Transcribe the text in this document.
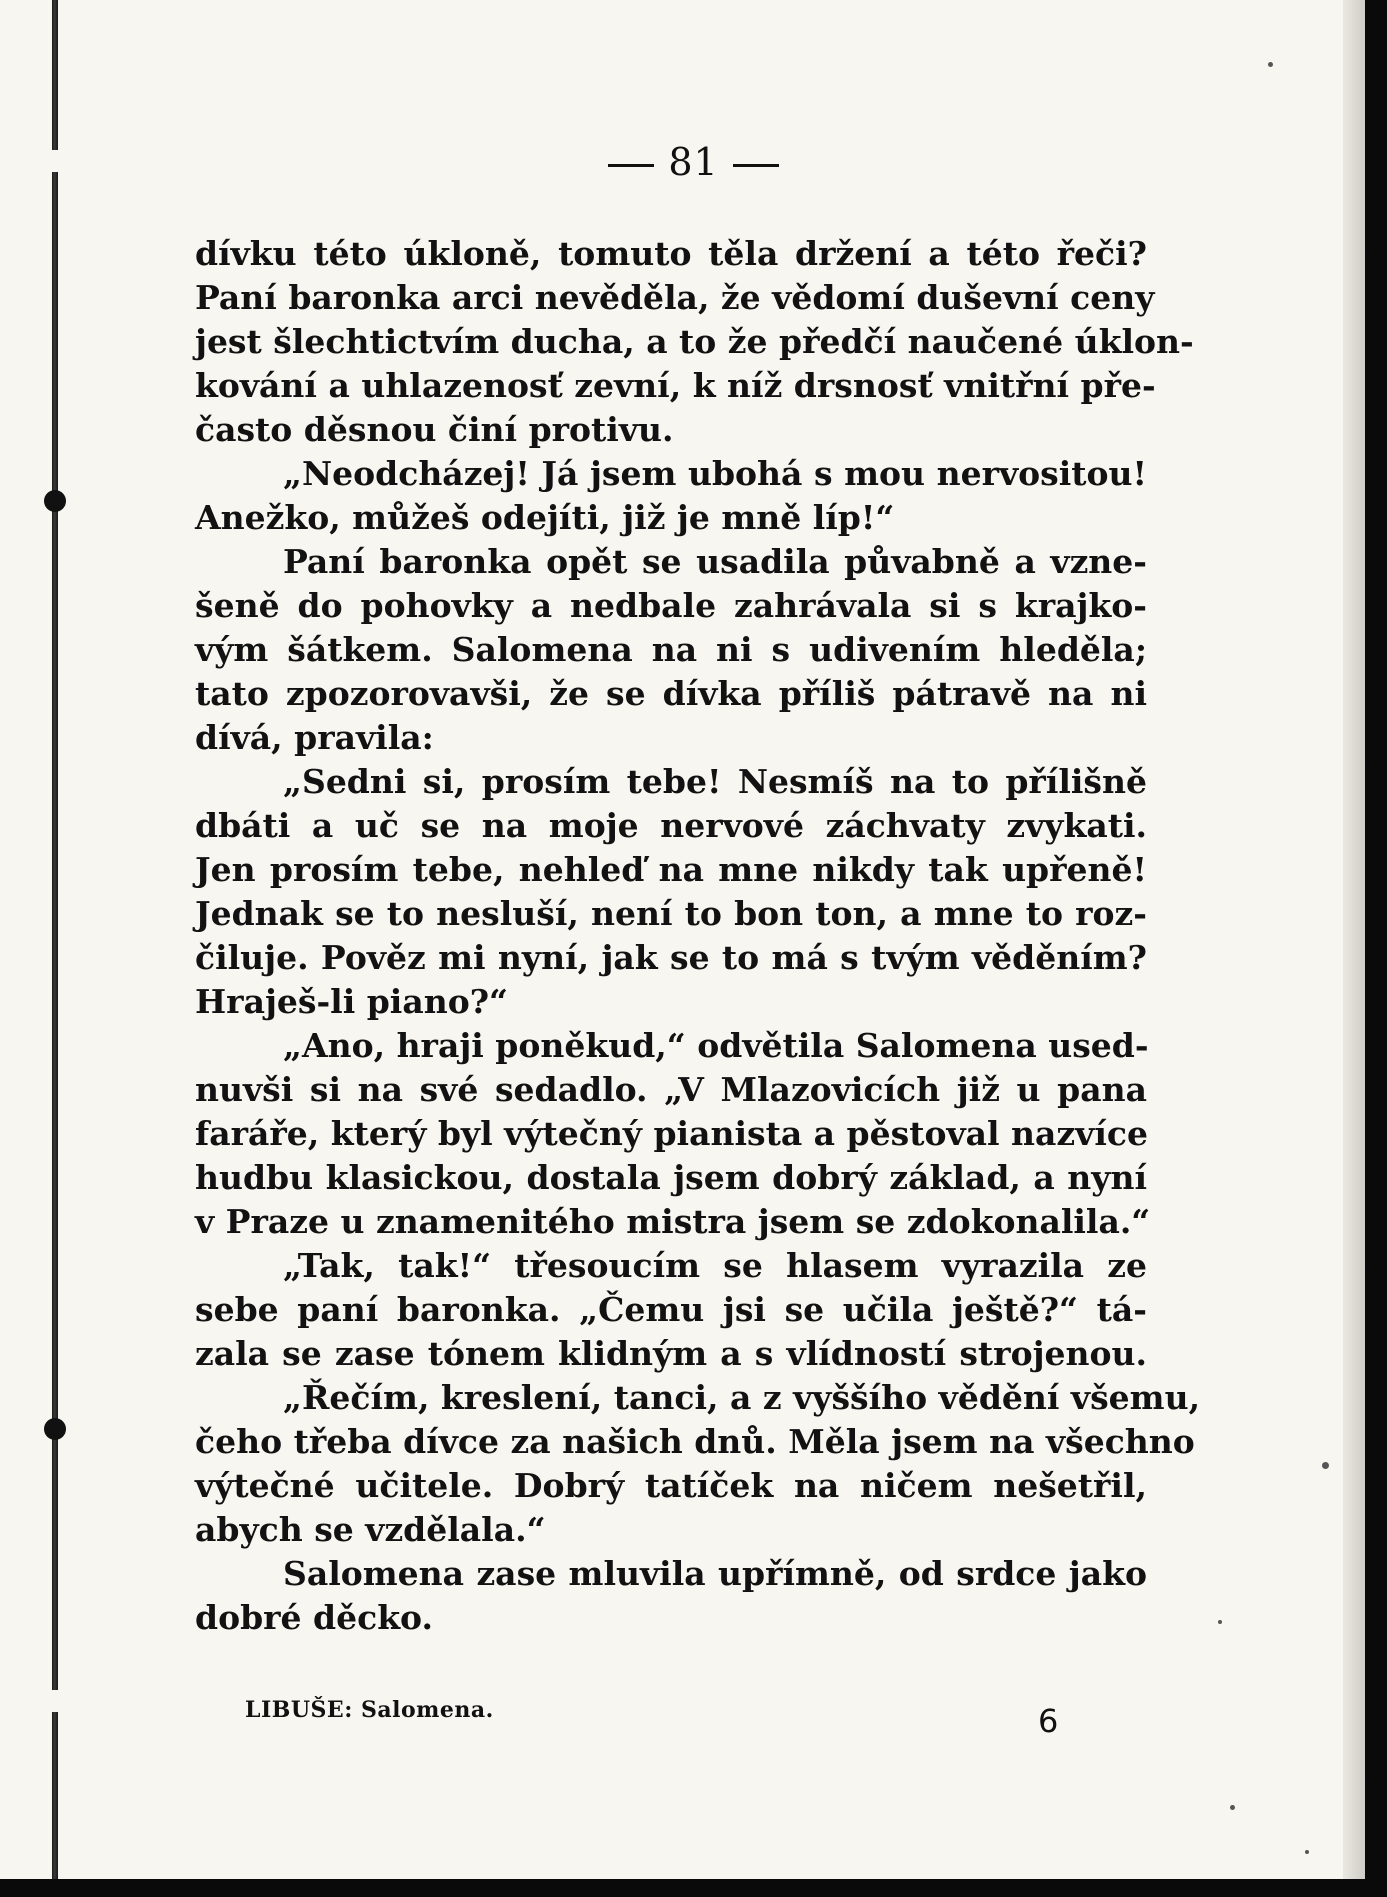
81
dívku této úkloně, tomuto těla držení a této řeči?
Paní baronka arci nevěděla, že vědomí duševní ceny
jest šlechtictvím ducha, a to že předčí naučené úklon-
kování a uhlazenosť zevní, k níž drsnosť vnitřní pře-
často děsnou činí protivu.
„Neodcházej! Já jsem ubohá s mou nervositou!
Anežko, můžeš odejíti, již je mně líp!“
Paní baronka opět se usadila půvabně a vzne-
šeně do pohovky a nedbale zahrávala si s krajko-
vým šátkem. Salomena na ni s udivením hleděla;
tato zpozorovavši, že se dívka příliš pátravě na ni
dívá, pravila:
„Sedni si, prosím tebe! Nesmíš na to přílišně
dbáti a uč se na moje nervové záchvaty zvykati.
Jen prosím tebe, nehleď na mne nikdy tak upřeně!
Jednak se to nesluší, není to bon ton, a mne to roz-
čiluje. Pověz mi nyní, jak se to má s tvým věděním?
Hraješ-li piano?“
„Ano, hraji poněkud,“ odvětila Salomena used-
nuvši si na své sedadlo. „V Mlazovicích již u pana
faráře, který byl výtečný pianista a pěstoval nazvíce
hudbu klasickou, dostala jsem dobrý základ, a nyní
v Praze u znamenitého mistra jsem se zdokonalila.“
„Tak, tak!“ třesoucím se hlasem vyrazila ze
sebe paní baronka. „Čemu jsi se učila ještě?“ tá-
zala se zase tónem klidným a s vlídností strojenou.
„Řečím, kreslení, tanci, a z vyššího vědění všemu,
čeho třeba dívce za našich dnů. Měla jsem na všechno
výtečné učitele. Dobrý tatíček na ničem nešetřil,
abych se vzdělala.“
Salomena zase mluvila upřímně, od srdce jako
dobré děcko.
LIBUŠE: Salomena.	6
